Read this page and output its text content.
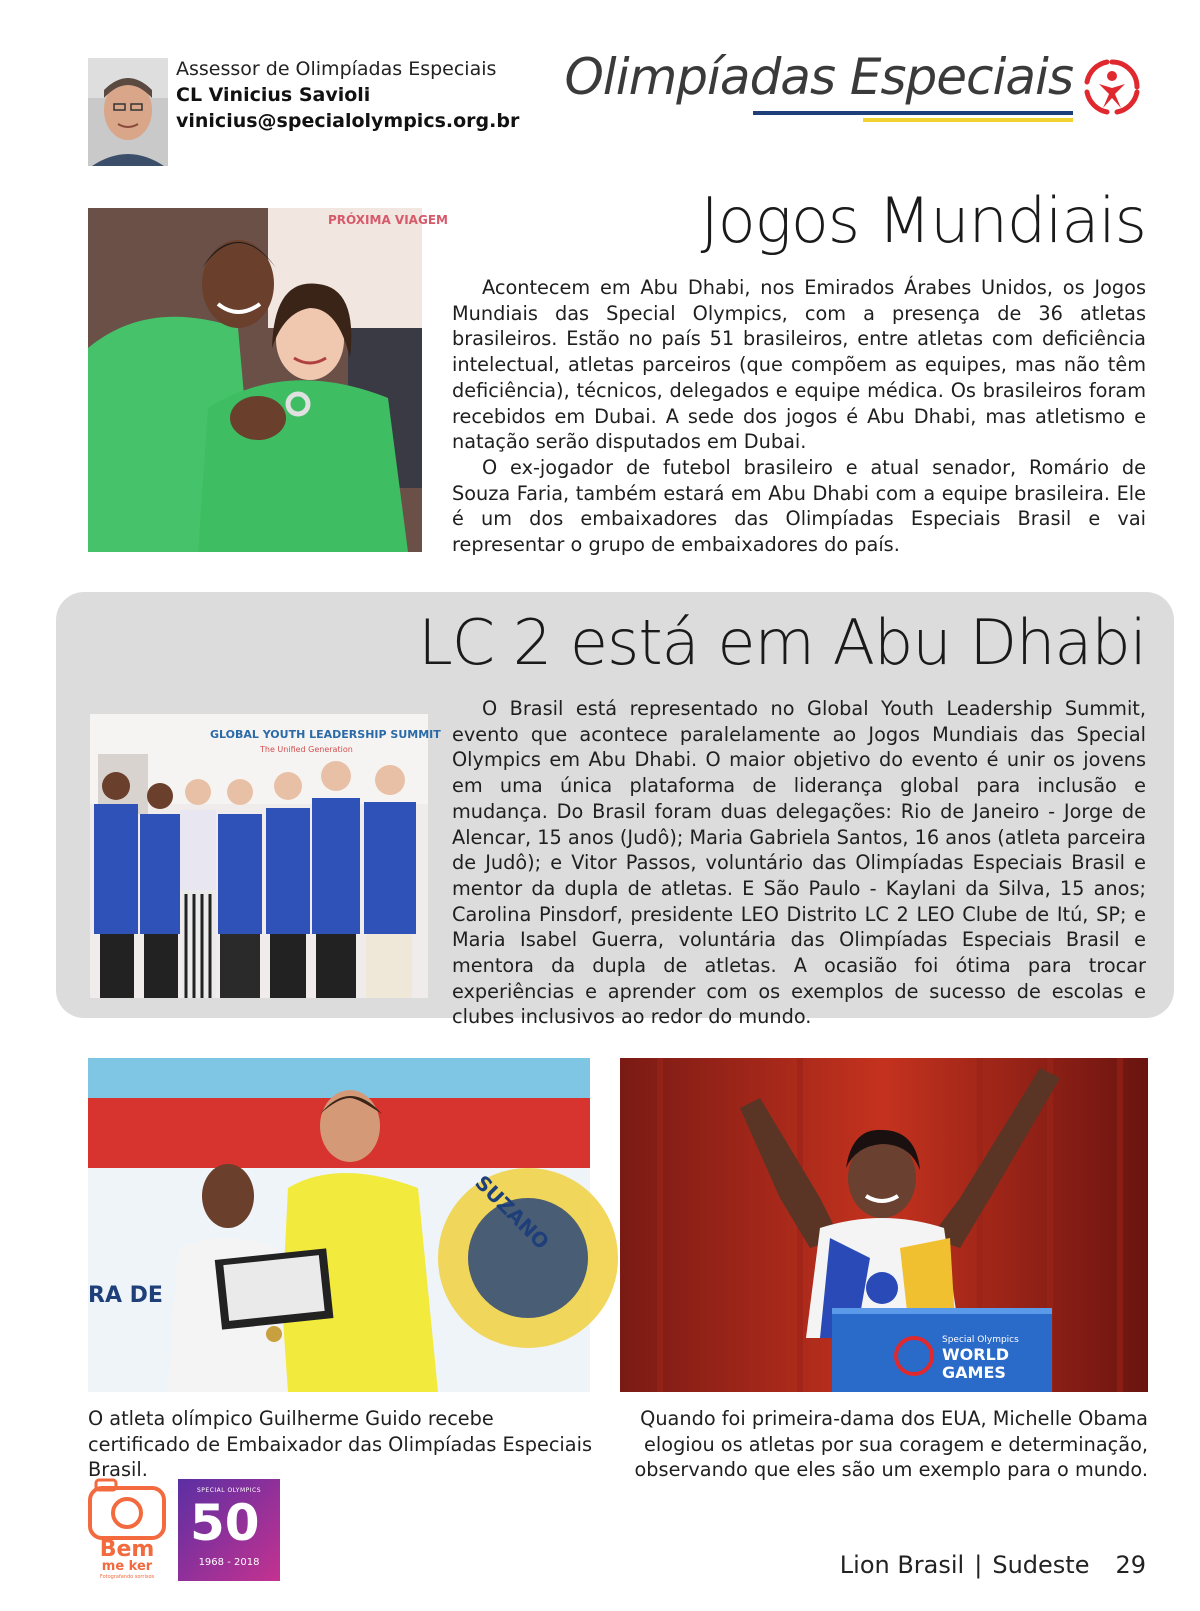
Assessor de Olimpíadas Especiais
CL Vinicius Savioli
vinicius@specialolympics.org.br
Olimpíadas Especiais
PRÓXIMA VIAGEM	Jogos Mundiais

Acontecem em Abu Dhabi, nos Emirados Árabes Unidos, os Jogos Mundiais das Special Olympics, com a presença de 36 atletas brasileiros. Estão no país 51 brasileiros, entre atletas com deficiência intelectual, atletas parceiros (que compõem as equipes, mas não têm deficiência), técnicos, delegados e equipe médica. Os brasileiros foram recebidos em Dubai. A sede dos jogos é Abu Dhabi, mas atletismo e natação serão disputados em Dubai.

O ex-jogador de futebol brasileiro e atual senador, Romário de Souza Faria, também estará em Abu Dhabi com a equipe brasileira. Ele é um dos embaixadores das Olimpíadas Especiais Brasil e vai representar o grupo de embaixadores do país.

LC 2 está em Abu Dhabi
GLOBAL YOUTH LEADERSHIP SUMMIT
The Unified Generation

O Brasil está representado no Global Youth Leadership Summit, evento que acontece paralelamente ao Jogos Mundiais das Special Olympics em Abu Dhabi. O maior objetivo do evento é unir os jovens em uma única plataforma de liderança global para inclusão e mudança. Do Brasil foram duas delegações: Rio de Janeiro - Jorge de Alencar, 15 anos (Judô); Maria Gabriela Santos, 16 anos (atleta parceira de Judô); e Vitor Passos, voluntário das Olimpíadas Especiais Brasil e mentor da dupla de atletas. E São Paulo - Kaylani da Silva, 15 anos; Carolina Pinsdorf, presidente LEO Distrito LC 2 LEO Clube de Itú, SP; e Maria Isabel Guerra, voluntária das Olimpíadas Especiais Brasil e mentora da dupla de atletas. A ocasião foi ótima para trocar experiências e aprender com os exemplos de sucesso de escolas e clubes inclusivos ao redor do mundo.

RA DE
SUZANO
Special Olympics
WORLD
GAMES
O atleta olímpico Guilherme Guido recebe certificado de Embaixador das Olimpíadas Especiais Brasil.
Quando foi primeira-dama dos EUA, Michelle Obama elogiou os atletas por sua coragem e determinação, observando que eles são um exemplo para o mundo.
Bem
me ker
Fotografando sorrisos
SPECIAL OLYMPICS
50
1968 - 2018	Lion Brasil | Sudeste 29
